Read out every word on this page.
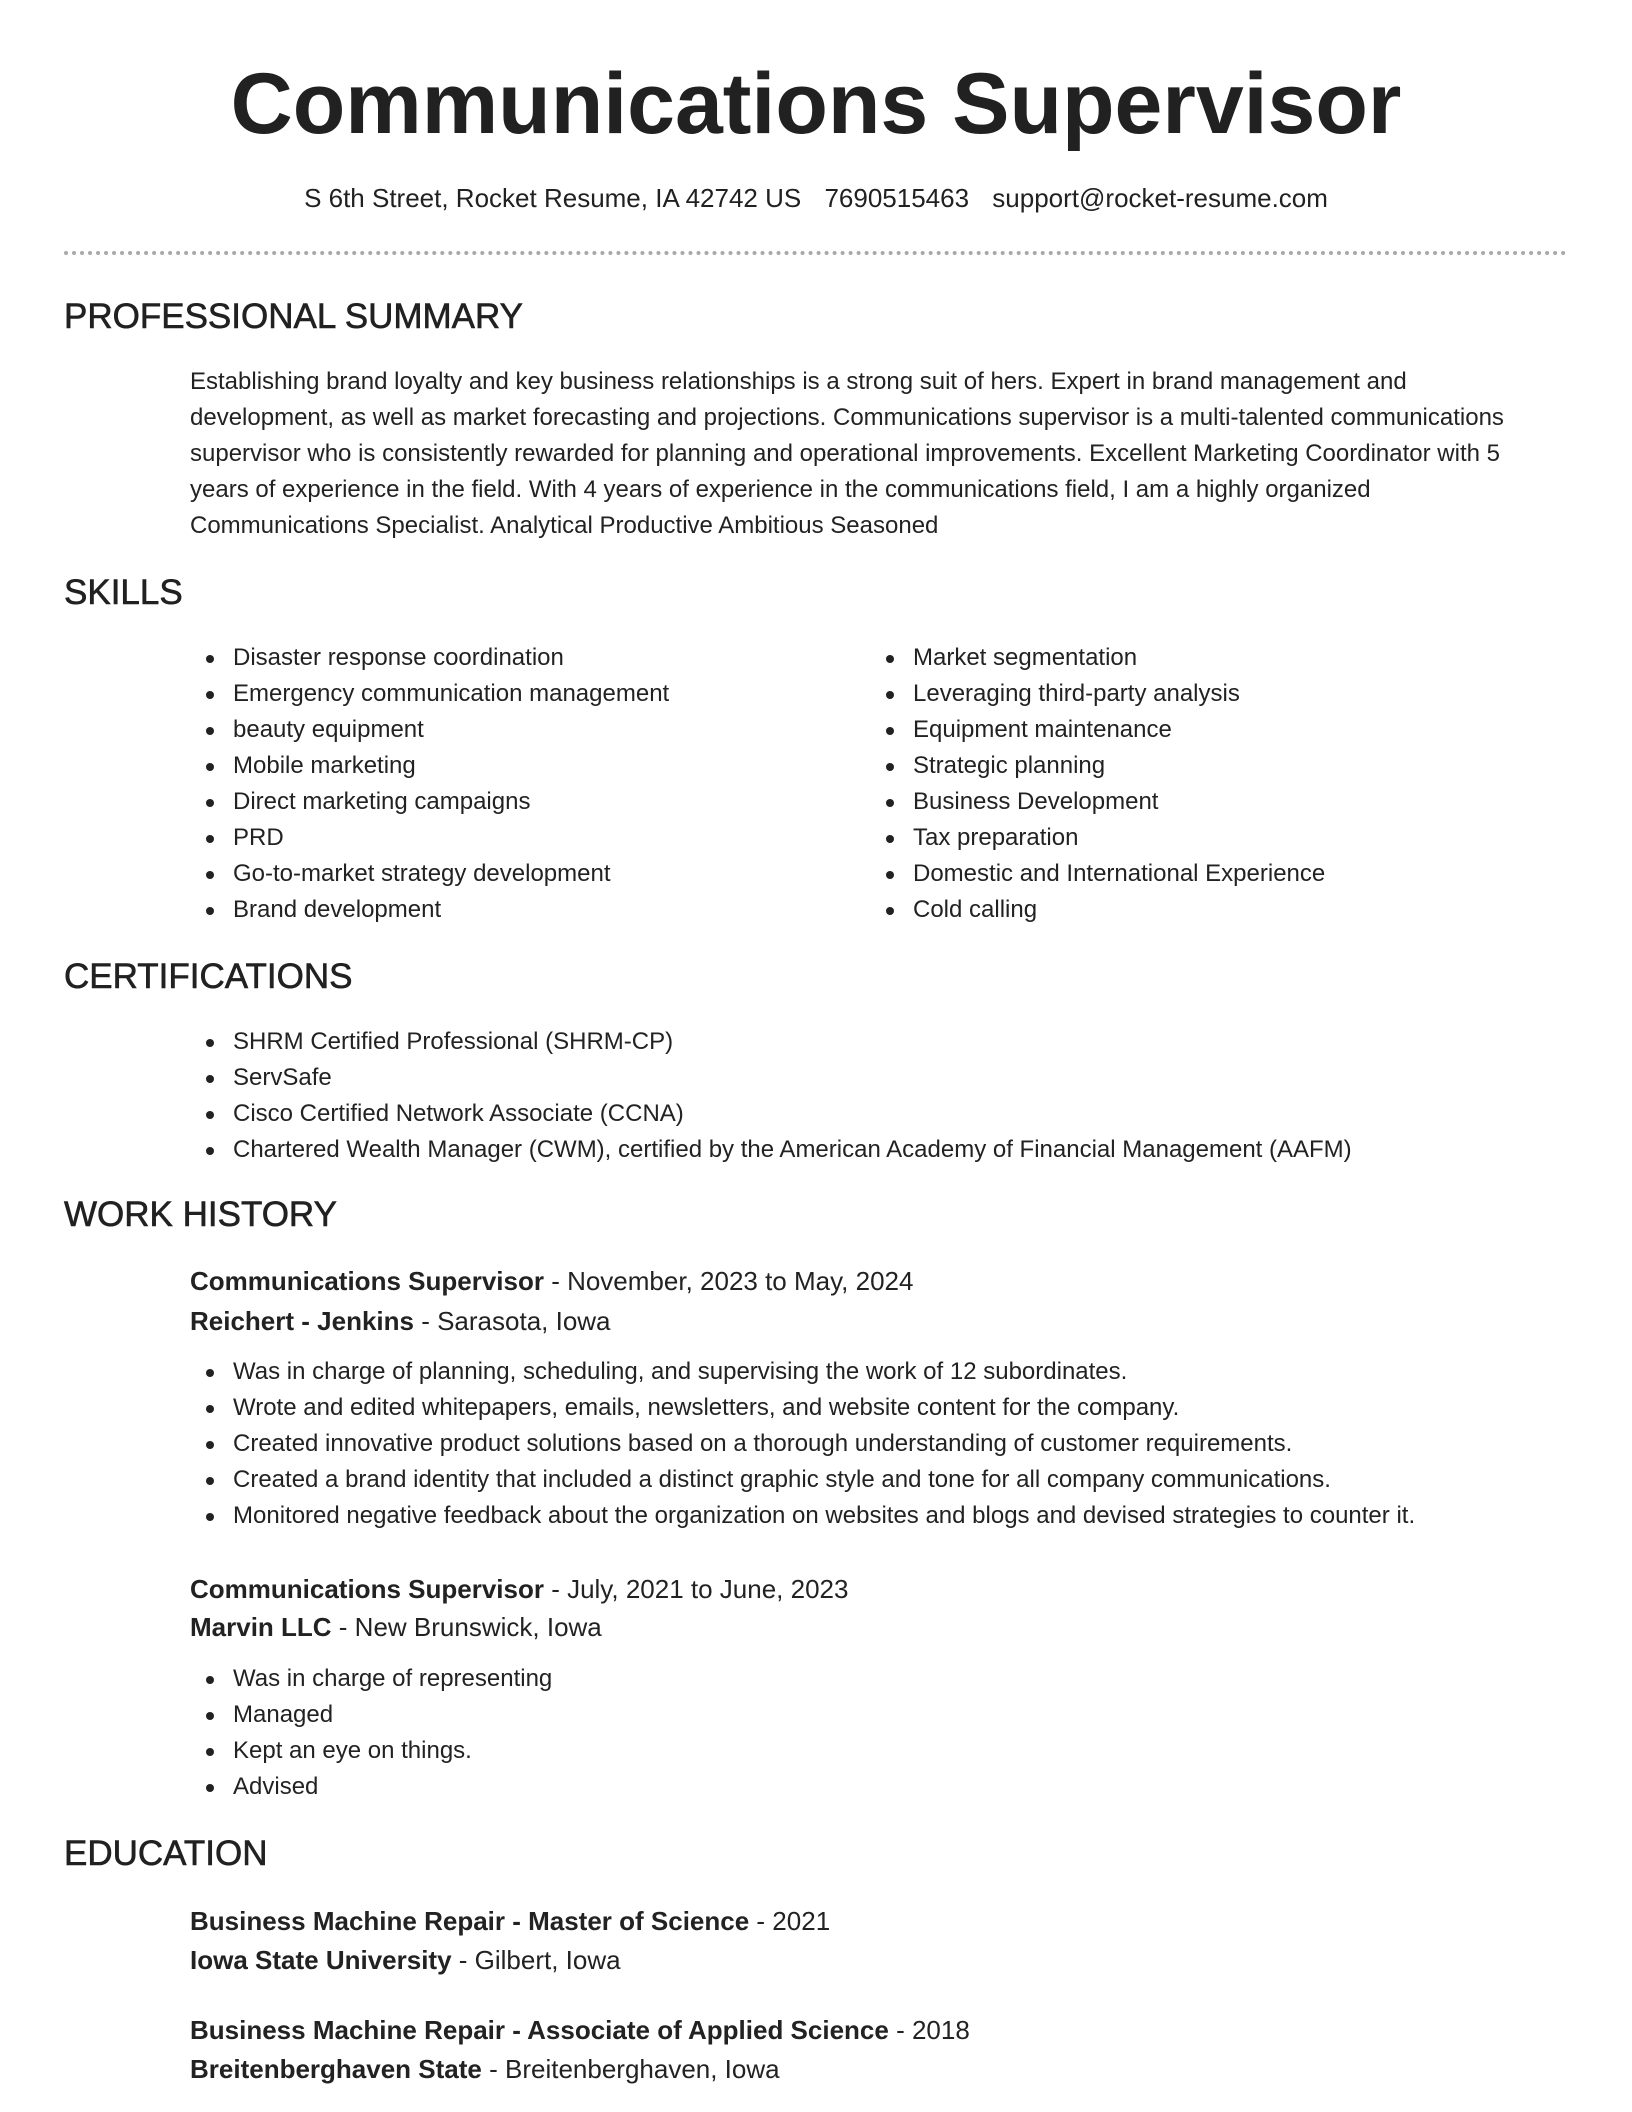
Communications Supervisor
S 6th Street, Rocket Resume, IA 42742 US 7690515463 support@rocket-resume.com
PROFESSIONAL SUMMARY
Establishing brand loyalty and key business relationships is a strong suit of hers. Expert in brand management and
development, as well as market forecasting and projections. Communications supervisor is a multi-talented communications
supervisor who is consistently rewarded for planning and operational improvements. Excellent Marketing Coordinator with 5
years of experience in the field. With 4 years of experience in the communications field, I am a highly organized
Communications Specialist. Analytical Productive Ambitious Seasoned
SKILLS
Disaster response coordination
Emergency communication management
beauty equipment
Mobile marketing
Direct marketing campaigns
PRD
Go-to-market strategy development
Brand development
Market segmentation
Leveraging third-party analysis
Equipment maintenance
Strategic planning
Business Development
Tax preparation
Domestic and International Experience
Cold calling
CERTIFICATIONS
SHRM Certified Professional (SHRM-CP)
ServSafe
Cisco Certified Network Associate (CCNA)
Chartered Wealth Manager (CWM), certified by the American Academy of Financial Management (AAFM)
WORK HISTORY
Communications Supervisor - November, 2023 to May, 2024
Reichert - Jenkins - Sarasota, Iowa
Was in charge of planning, scheduling, and supervising the work of 12 subordinates.
Wrote and edited whitepapers, emails, newsletters, and website content for the company.
Created innovative product solutions based on a thorough understanding of customer requirements.
Created a brand identity that included a distinct graphic style and tone for all company communications.
Monitored negative feedback about the organization on websites and blogs and devised strategies to counter it.
Communications Supervisor - July, 2021 to June, 2023
Marvin LLC - New Brunswick, Iowa
Was in charge of representing
Managed
Kept an eye on things.
Advised
EDUCATION
Business Machine Repair - Master of Science - 2021
Iowa State University - Gilbert, Iowa
Business Machine Repair - Associate of Applied Science - 2018
Breitenberghaven State - Breitenberghaven, Iowa
